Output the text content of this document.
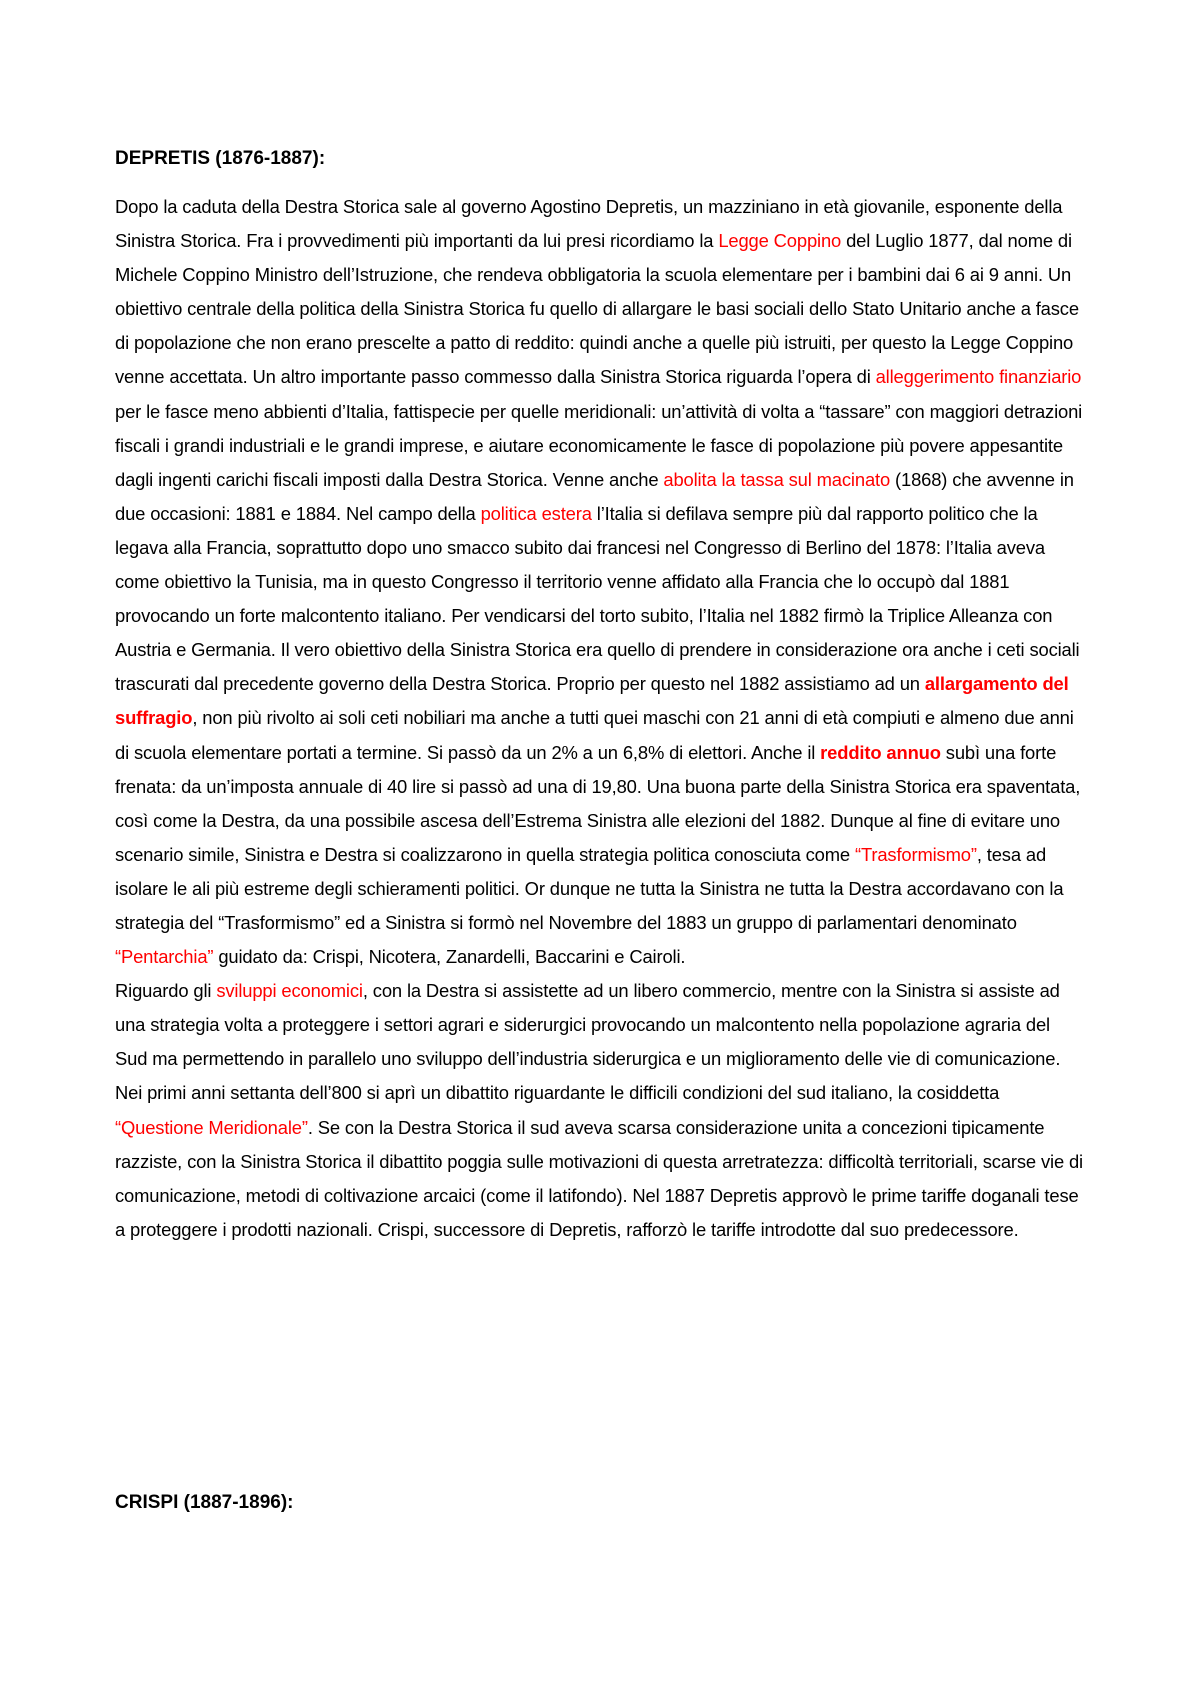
DEPRETIS (1876-1887):

Dopo la caduta della Destra Storica sale al governo Agostino Depretis, un mazziniano in età giovanile, esponente della Sinistra Storica. Fra i provvedimenti più importanti da lui presi ricordiamo la Legge Coppino del Luglio 1877, dal nome di Michele Coppino Ministro dell’Istruzione, che rendeva obbligatoria la scuola elementare per i bambini dai 6 ai 9 anni. Un obiettivo centrale della politica della Sinistra Storica fu quello di allargare le basi sociali dello Stato Unitario anche a fasce di popolazione che non erano prescelte a patto di reddito: quindi anche a quelle più istruiti, per questo la Legge Coppino venne accettata. Un altro importante passo commesso dalla Sinistra Storica riguarda l’opera di alleggerimento finanziario per le fasce meno abbienti d’Italia, fattispecie per quelle meridionali: un’attività di volta a “tassare” con maggiori detrazioni fiscali i grandi industriali e le grandi imprese, e aiutare economicamente le fasce di popolazione più povere appesantite dagli ingenti carichi fiscali imposti dalla Destra Storica. Venne anche abolita la tassa sul macinato (1868) che avvenne in due occasioni: 1881 e 1884. Nel campo della politica estera l’Italia si defilava sempre più dal rapporto politico che la legava alla Francia, soprattutto dopo uno smacco subito dai francesi nel Congresso di Berlino del 1878: l’Italia aveva come obiettivo la Tunisia, ma in questo Congresso il territorio venne affidato alla Francia che lo occupò dal 1881 provocando un forte malcontento italiano. Per vendicarsi del torto subito, l’Italia nel 1882 firmò la Triplice Alleanza con Austria e Germania. Il vero obiettivo della Sinistra Storica era quello di prendere in considerazione ora anche i ceti sociali trascurati dal precedente governo della Destra Storica. Proprio per questo nel 1882 assistiamo ad un allargamento del suffragio, non più rivolto ai soli ceti nobiliari ma anche a tutti quei maschi con 21 anni di età compiuti e almeno due anni di scuola elementare portati a termine. Si passò da un 2% a un 6,8% di elettori. Anche il reddito annuo subì una forte frenata: da un’imposta annuale di 40 lire si passò ad una di 19,80. Una buona parte della Sinistra Storica era spaventata, così come la Destra, da una possibile ascesa dell’Estrema Sinistra alle elezioni del 1882. Dunque al fine di evitare uno scenario simile, Sinistra e Destra si coalizzarono in quella strategia politica conosciuta come “Trasformismo”, tesa ad isolare le ali più estreme degli schieramenti politici. Or dunque ne tutta la Sinistra ne tutta la Destra accordavano con la strategia del “Trasformismo” ed a Sinistra si formò nel Novembre del 1883 un gruppo di parlamentari denominato “Pentarchia” guidato da: Crispi, Nicotera, Zanardelli, Baccarini e Cairoli.

Riguardo gli sviluppi economici, con la Destra si assistette ad un libero commercio, mentre con la Sinistra si assiste ad una strategia volta a proteggere i settori agrari e siderurgici provocando un malcontento nella popolazione agraria del Sud ma permettendo in parallelo uno sviluppo dell’industria siderurgica e un miglioramento delle vie di comunicazione.

Nei primi anni settanta dell’800 si aprì un dibattito riguardante le difficili condizioni del sud italiano, la cosiddetta “Questione Meridionale”. Se con la Destra Storica il sud aveva scarsa considerazione unita a concezioni tipicamente razziste, con la Sinistra Storica il dibattito poggia sulle motivazioni di questa arretratezza: difficoltà territoriali, scarse vie di comunicazione, metodi di coltivazione arcaici (come il latifondo). Nel 1887 Depretis approvò le prime tariffe doganali tese a proteggere i prodotti nazionali. Crispi, successore di Depretis, rafforzò le tariffe introdotte dal suo predecessore.

CRISPI (1887-1896):
